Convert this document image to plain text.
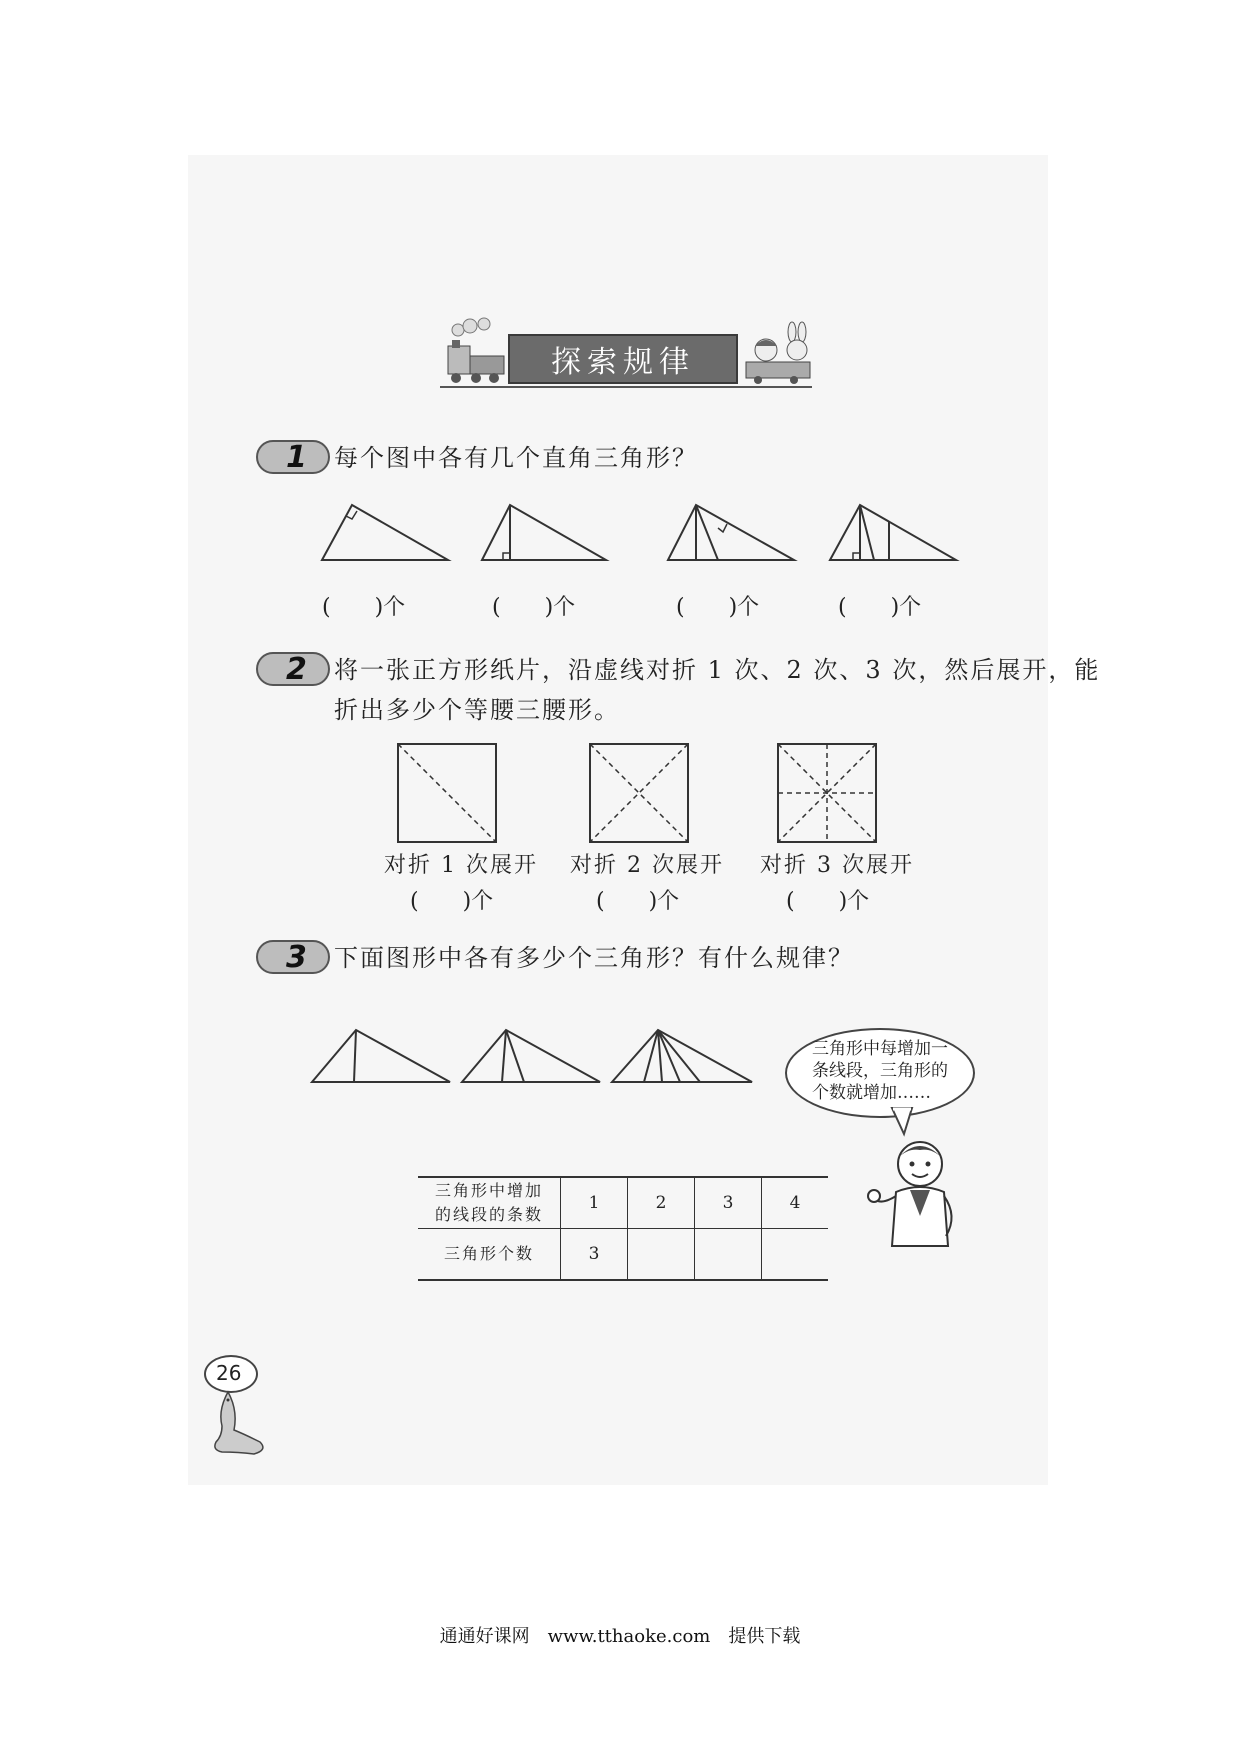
探索规律
1 每个图中各有几个直角三角形？
(　　)个	(　　)个	(　　)个	(　　)个
2 将一张正方形纸片，沿虚线对折 1 次、2 次、3 次，然后展开，能
折出多少个等腰三腰形。
对折 1 次展开 对折 2 次展开 对折 3 次展开
(　　)个	(　　)个	(　　)个
3 下面图形中各有多少个三角形？有什么规律？
三角形中每增加一条线段，三角形的个数就增加……
三角形中增加
的线段的条数	1	2	3	4
三角形个数	3			
26
通通好课网　www.tthaoke.com　提供下载
